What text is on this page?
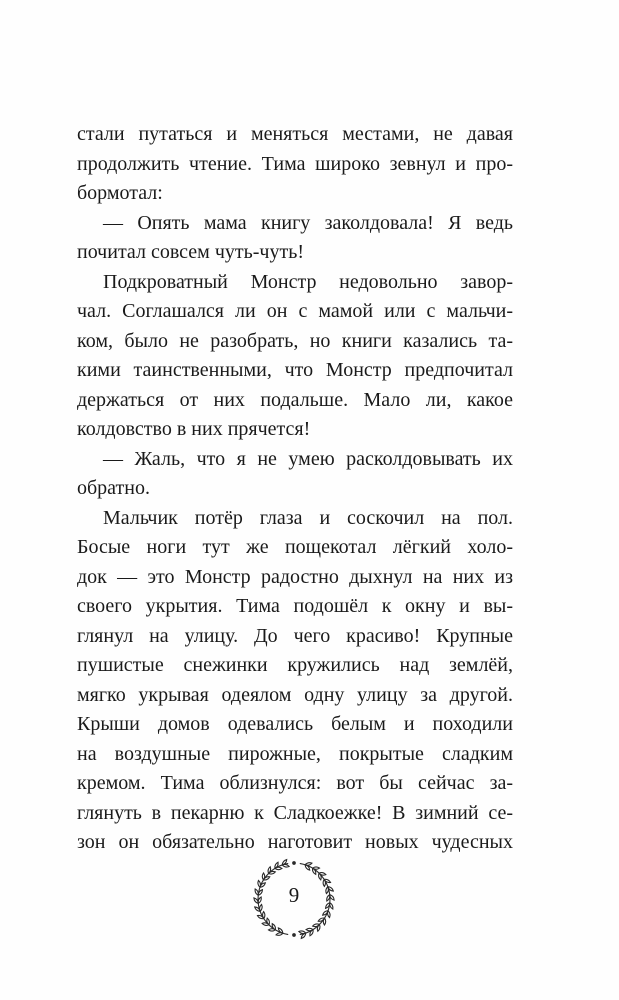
стали путаться и меняться местами, не давая
продолжить чтение. Тима широко зевнул и про-
бормотал:

— Опять мама книгу заколдовала! Я ведь
почитал совсем чуть-чуть!

Подкроватный Монстр недовольно завор-
чал. Соглашался ли он с мамой или с мальчи-
ком, было не разобрать, но книги казались та-
кими таинственными, что Монстр предпочитал
держаться от них подальше. Мало ли, какое
колдовство в них прячется!

— Жаль, что я не умею расколдовывать их
обратно.

Мальчик потёр глаза и соскочил на пол.
Босые ноги тут же пощекотал лёгкий холо-
док — это Монстр радостно дыхнул на них из
своего укрытия. Тима подошёл к окну и вы-
глянул на улицу. До чего красиво! Крупные
пушистые снежинки кружились над землёй,
мягко укрывая одеялом одну улицу за другой.
Крыши домов одевались белым и походили
на воздушные пирожные, покрытые сладким
кремом. Тима облизнулся: вот бы сейчас за-
глянуть в пекарню к Сладкоежке! В зимний се-
зон он обязательно наготовит новых чудесных

9
